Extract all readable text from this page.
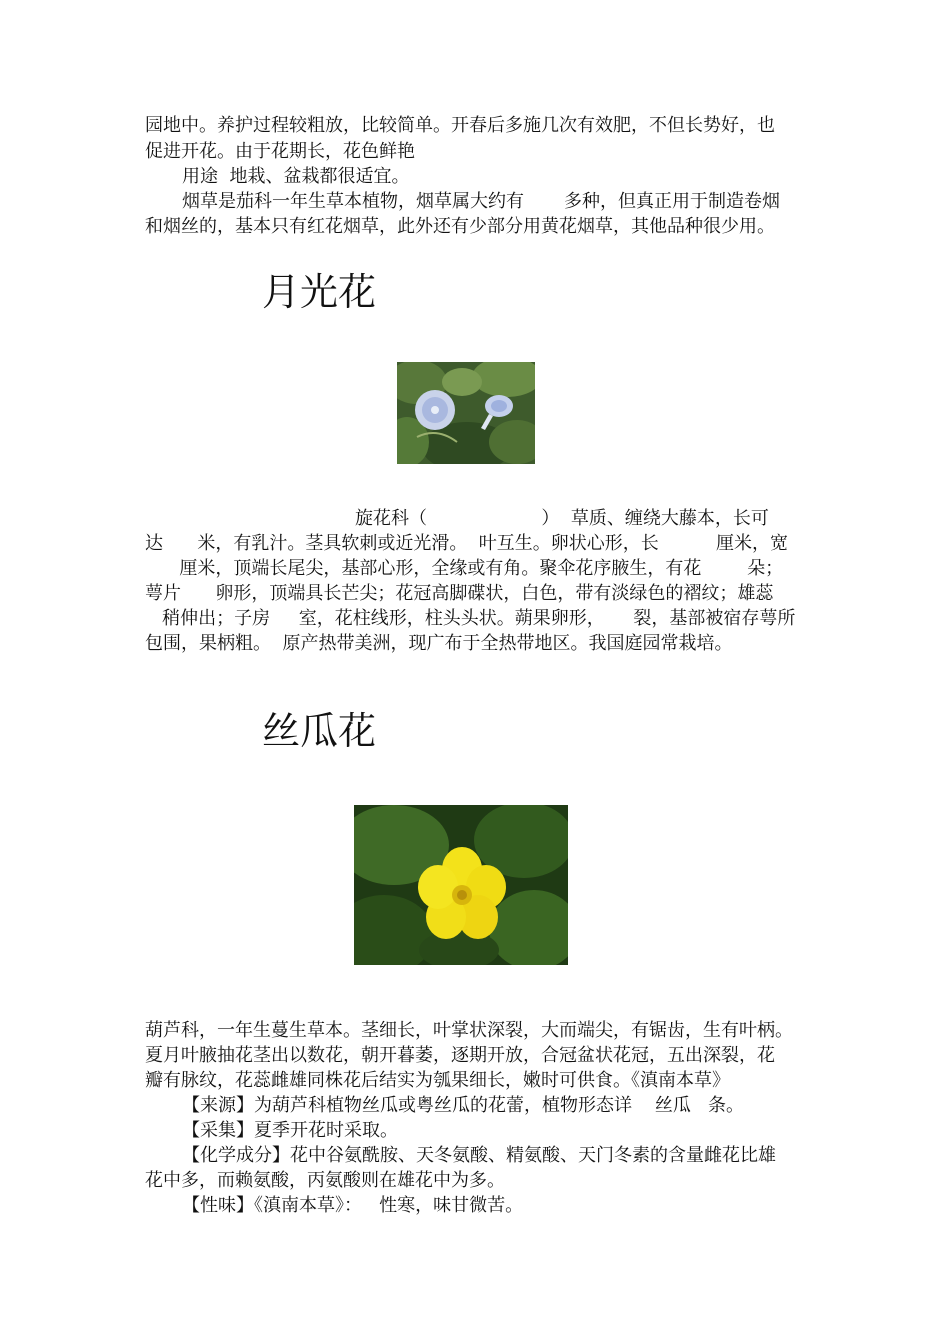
园地中。养护过程较粗放，比较简单。开春后多施几次有效肥，不但长势好，也

促进开花。由于花期长，花色鲜艳

用途  地栽、盆栽都很适宜。

烟草是茄科一年生草本植物，烟草属大约有       多种，但真正用于制造卷烟

和烟丝的，基本只有红花烟草，此外还有少部分用黄花烟草，其他品种很少用。

月光花

旋花科（                    ）  草质、缠绕大藤本，长可

达      米，有乳汁。茎具软刺或近光滑。  叶互生。卵状心形，长          厘米，宽

厘米，顶端长尾尖，基部心形，全缘或有角。聚伞花序腋生，有花        朵；

萼片      卵形，顶端具长芒尖；花冠高脚碟状，白色，带有淡绿色的褶纹；雄蕊

稍伸出；子房     室，花柱线形，柱头头状。蒴果卵形，     裂，基部被宿存萼所

包围，果柄粗。  原产热带美洲，现广布于全热带地区。我国庭园常栽培。

丝瓜花

葫芦科，一年生蔓生草本。茎细长，叶掌状深裂，大而端尖，有锯齿，生有叶柄。

夏月叶腋抽花茎出以数花，朝开暮萎，逐期开放，合冠盆状花冠，五出深裂，花

瓣有脉纹，花蕊雌雄同株花后结实为瓠果细长，嫩时可供食。《滇南本草》

【来源】为葫芦科植物丝瓜或粤丝瓜的花蕾，植物形态详    丝瓜   条。

【采集】夏季开花时采取。

【化学成分】花中谷氨酰胺、天冬氨酸、精氨酸、天门冬素的含量雌花比雄

花中多，而赖氨酸，丙氨酸则在雄花中为多。

【性味】《滇南本草》：   性寒，味甘微苦。
